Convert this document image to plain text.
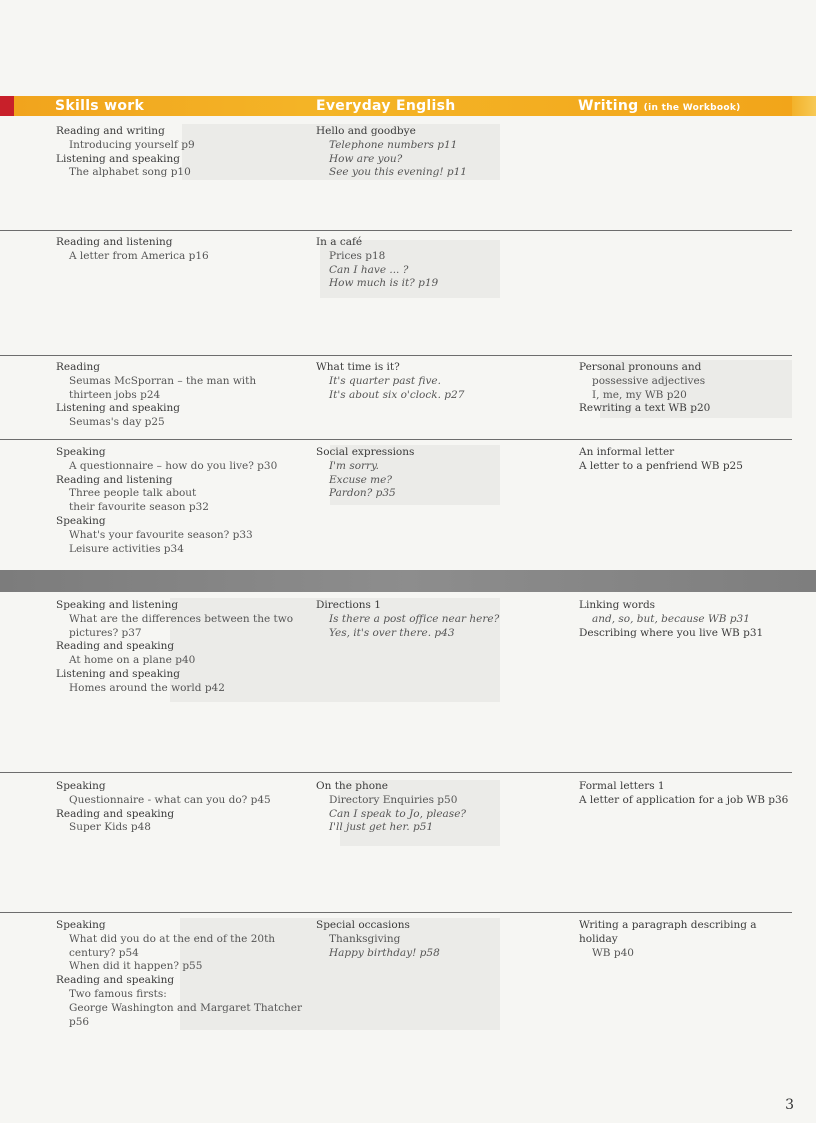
Skills work	Everyday English	Writing (in the Workbook)
Reading and writing
Introducing yourself p9
Listening and speaking
The alphabet song p10
Hello and goodbye
Telephone numbers p11
How are you?
See you this evening! p11
Reading and listening
A letter from America p16
In a café
Prices p18
Can I have ... ?
How much is it? p19
Reading
Seumas McSporran – the man with
thirteen jobs p24
Listening and speaking
Seumas's day p25
What time is it?
It's quarter past five.
It's about six o'clock. p27
Personal pronouns and
possessive adjectives
I, me, my WB p20
Rewriting a text WB p20
Speaking
A questionnaire – how do you live? p30
Reading and listening
Three people talk about
their favourite season p32
Speaking
What's your favourite season? p33
Leisure activities p34
Social expressions
I'm sorry.
Excuse me?
Pardon? p35
An informal letter
A letter to a penfriend WB p25
Speaking and listening
What are the differences between the two
pictures? p37
Reading and speaking
At home on a plane p40
Listening and speaking
Homes around the world p42
Directions 1
Is there a post office near here?
Yes, it's over there. p43
Linking words
and, so, but, because WB p31
Describing where you live WB p31
Speaking
Questionnaire - what can you do? p45
Reading and speaking
Super Kids p48
On the phone
Directory Enquiries p50
Can I speak to Jo, please?
I'll just get her. p51
Formal letters 1
A letter of application for a job WB p36
Speaking
What did you do at the end of the 20th
century? p54
When did it happen? p55
Reading and speaking
Two famous firsts:
George Washington and Margaret Thatcher
p56
Special occasions
Thanksgiving
Happy birthday! p58
Writing a paragraph describing a holiday
WB p40
3
